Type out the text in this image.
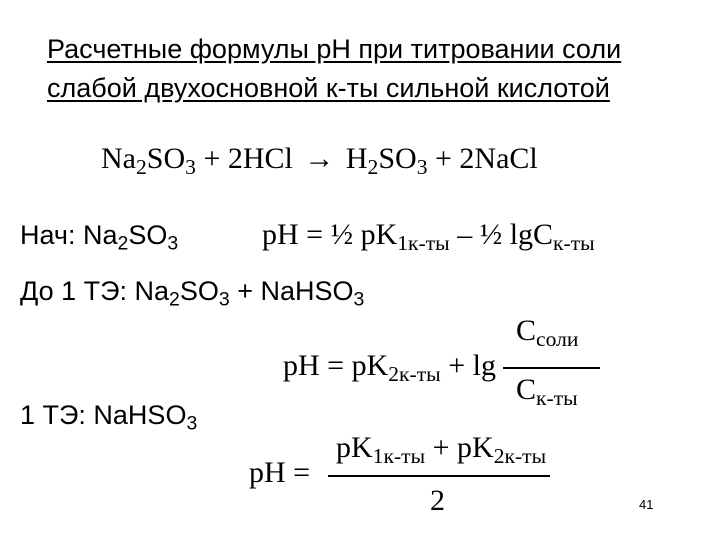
Расчетные формулы pH при титровании соли
слабой двухосновной к-ты сильной кислотой
$Na_2SO_3 + 2HCl \to H_2SO_3$ + 2NaCl
Нач: $Na_2SO_3$	pH = ½ $pK_{1к-ты}$ – ½ lgC$_{к-ты}$
До 1 ТЭ: $Na_2SO_3$ + NaHSO$_3$
pH = $pK_{2к-ты} + \lg$
$C_{соли}$
$C_{к-ты}$
1 ТЭ: NaHSO$_3$
pH =
$pK_{1к-ты} + pK_{2к-ты}$
2	41
